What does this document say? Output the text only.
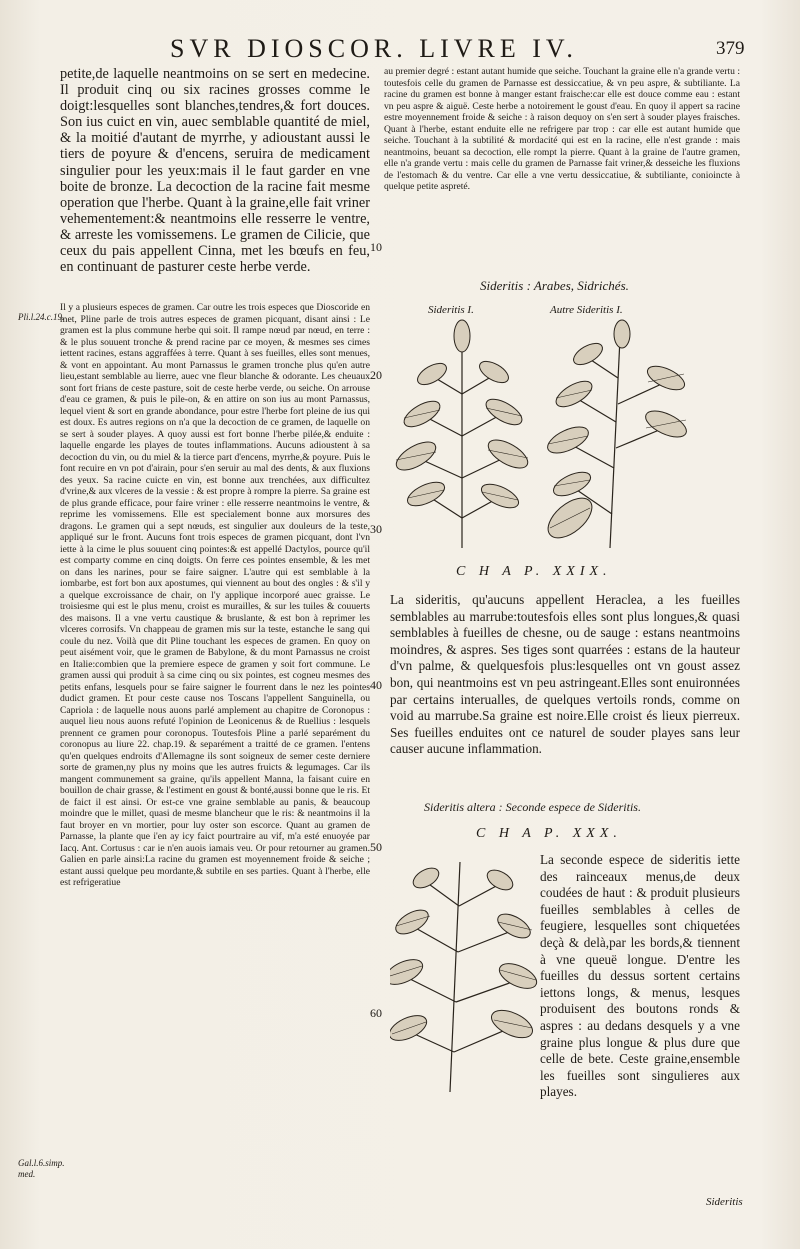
SVR DIOSCOR. LIVRE IV.	379

petite,de laquelle neantmoins on se sert en medecine. Il produit cinq ou six racines grosses comme le doigt:lesquelles sont blanches,tendres,& fort douces. Son ius cuict en vin, auec semblable quantité de miel, & la moitié d'autant de myrrhe, y adioustant aussi le tiers de poyure & d'encens, seruira de medicament singulier pour les yeux:mais il le faut garder en vne boite de bronze. La decoction de la racine fait mesme operation que l'herbe. Quant à la graine,elle fait vriner vehementement:& neantmoins elle resserre le ventre, & arreste les vomissemens. Le gramen de Cilicie, que ceux du pais appellent Cinna, met les bœufs en feu, en continuant de pasturer ceste herbe verde.

Il y a plusieurs especes de gramen. Car outre les trois especes que Dioscoride en met, Pline parle de trois autres especes de gramen picquant, disant ainsi : Le gramen est la plus commune herbe qui soit. Il rampe nœud par nœud, en terre : & le plus souuent tronche & prend racine par ce moyen, & mesmes ses cimes iettent racines, estans aggraffées à terre. Quant à ses fueilles, elles sont menues, & vont en appointant. Au mont Parnassus le gramen tronche plus qu'en autre lieu,estant semblable au lierre, auec vne fleur blanche & odorante. Les cheuaux sont fort frians de ceste pasture, soit de ceste herbe verde, ou seiche. On arrouse d'eau ce gramen, & puis le pile-on, & en attire on son ius au mont Parnassus, lequel vient & sort en grande abondance, pour estre l'herbe fort pleine de ius qui est doux. Es autres regions on n'a que la decoction de ce gramen, de laquelle on se sert à souder playes. A quoy aussi est fort bonne l'herbe pilée,& enduite : laquelle engarde les playes de toutes inflammations. Aucuns adioustent à sa decoction du vin, ou du miel & la tierce part d'encens, myrrhe,& poyure. Puis le font recuire en vn pot d'airain, pour s'en seruir au mal des dents, & aux fluxions des yeux. Sa racine cuicte en vin, est bonne aux trenchées, aux difficultez d'vrine,& aux vlceres de la vessie : & est propre à rompre la pierre. Sa graine est de plus grande efficace, pour faire vriner : elle resserre neantmoins le ventre, & reprime les vomissemens. Elle est specialement bonne aux morsures des dragons. Le gramen qui a sept nœuds, est singulier aux douleurs de la teste, appliqué sur le front. Aucuns font trois especes de gramen picquant, dont l'vn iette à la cime le plus souuent cinq pointes:& est appellé Dactylos, pource qu'il est comparty comme en cinq doigts. On ferre ces pointes ensemble, & les met on dans les narines, pour se faire saigner. L'autre qui est semblable à la iombarbe, est fort bon aux apostumes, qui viennent au bout des ongles : & s'il y a quelque excroissance de chair, on l'y applique incorporé auec graisse. Le troisiesme qui est le plus menu, croist es murailles, & sur les tuiles & couuerts des maisons. Il a vne vertu caustique & bruslante, & est bon à reprimer les vlceres corrosifs. Vn chappeau de gramen mis sur la teste, estanche le sang qui coule du nez. Voilà que dit Pline touchant les especes de gramen. En quoy on peut aisément voir, que le gramen de Babylone, & du mont Parnassus ne croist en Italie:combien que la premiere espece de gramen y soit fort commune. Le gramen aussi qui produit à sa cime cinq ou six pointes, est cogneu mesmes des petits enfans, lesquels pour se faire saigner le fourrent dans le nez les pointes dudict gramen. Et pour ceste cause nos Toscans l'appellent Sanguinella, ou Capriola : de laquelle nous auons parlé amplement au chapitre de Coronopus : auquel lieu nous auons refuté l'opinion de Leonicenus & de Ruellius : lesquels prennent ce gramen pour coronopus. Toutesfois Pline a parlé separément du coronopus au liure 22. chap.19. & separément a traitté de ce gramen. l'entens qu'en quelques endroits d'Allemagne ils sont soigneux de semer ceste derniere sorte de gramen,ny plus ny moins que les autres fruicts & legumages. Car ils mangent communement sa graine, qu'ils appellent Manna, la faisant cuire en bouillon de chair grasse, & l'estiment en goust & bonté,aussi bonne que le ris. Et de faict il est ainsi. Or est-ce vne graine semblable au panis, & beaucoup moindre que le millet, quasi de mesme blancheur que le ris: & neantmoins il la faut broyer en vn mortier, pour luy oster son escorce. Quant au gramen de Parnasse, la plante que i'en ay icy faict pourtraire au vif, m'a esté enuoyée par Iacq. Ant. Cortusus : car ie n'en auois iamais veu. Or pour retourner au gramen. Galien en parle ainsi:La racine du gramen est moyennement froide & seiche ; estant aussi quelque peu mordante,& subtile en ses parties. Quant à l'herbe, elle est refrigeratiue

au premier degré : estant autant humide que seiche. Touchant la graine elle n'a grande vertu : toutesfois celle du gramen de Parnasse est dessiccatiue, & vn peu aspre, & subtiliante. La racine du gramen est bonne à manger estant fraische:car elle est douce comme eau : estant vn peu aspre & aiguë. Ceste herbe a notoirement le goust d'eau. En quoy il appert sa racine estre moyennement froide & seiche : à raison dequoy on s'en sert à souder playes fraisches. Quant à l'herbe, estant enduite elle ne refrigere par trop : car elle est autant humide que seiche. Touchant à la subtilité & mordacité qui est en la racine, elle n'est grande : mais neantmoins, beuant sa decoction, elle rompt la pierre. Quant à la graine de l'autre gramen, elle n'a grande vertu : mais celle du gramen de Parnasse fait vriner,& desseiche les fluxions de l'estomach & du ventre. Car elle a vne vertu dessiccatiue, & subtiliante, conioincte à quelque petite aspreté.

Sideritis : Arabes, Sidrichés.
Sideritis I.	Autre Sideritis I.
C H A P. XXIX.

La sideritis, qu'aucuns appellent Heraclea, a les fueilles semblables au marrube:toutesfois elles sont plus longues,& quasi semblables à fueilles de chesne, ou de sauge : estans neantmoins moindres, & aspres. Ses tiges sont quarrées : estans de la hauteur d'vn palme, & quelquesfois plus:lesquelles ont vn goust assez bon, qui neantmoins est vn peu astringeant.Elles sont enuironnées par certains interualles, de quelques vertoils ronds, comme on void au marrube.Sa graine est noire.Elle croist és lieux pierreux. Ses fueilles enduites ont ce naturel de souder playes sans leur causer aucune inflammation.

Sideritis altera : Seconde espece de Sideritis.
C H A P. XXX.

La seconde espece de sideritis iette des rainceaux menus,de deux coudées de haut : & produit plusieurs fueilles semblables à celles de feugiere, lesquelles sont chiquetées deçà & delà,par les bords,& tiennent à vne queuë longue. D'entre les fueilles du dessus sortent certains iettons longs, & menus, lesques produisent des boutons ronds & aspres : au dedans desquels y a vne graine plus longue & plus dure que celle de bete. Ceste graine,ensemble les fueilles sont singulieres aux playes.

Sideritis
Pli.l.24.c.19.
Gal.l.6.simp. med.
10
20
30
40
50
60
